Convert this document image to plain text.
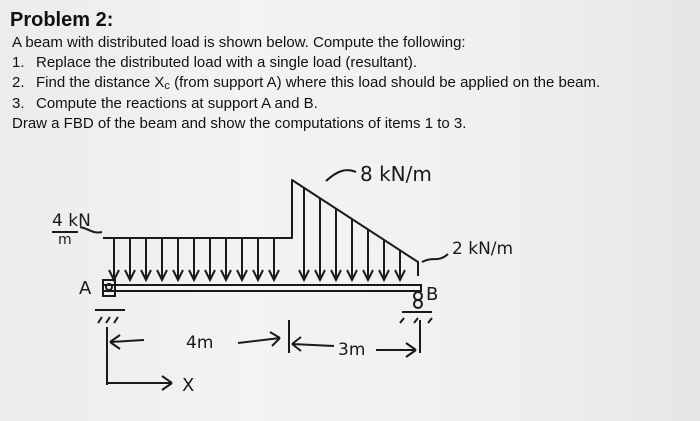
Problem 2:
A beam with distributed load is shown below. Compute the following:
1. Replace the distributed load with a single load (resultant).
2. Find the distance Xc (from support A) where this load should be applied on the beam.
3. Compute the reactions at support A and B.
Draw a FBD of the beam and show the computations of items 1 to 3.
A	B
8 kN/m
4 kN
m	2 kN/m
4m	3m
X
